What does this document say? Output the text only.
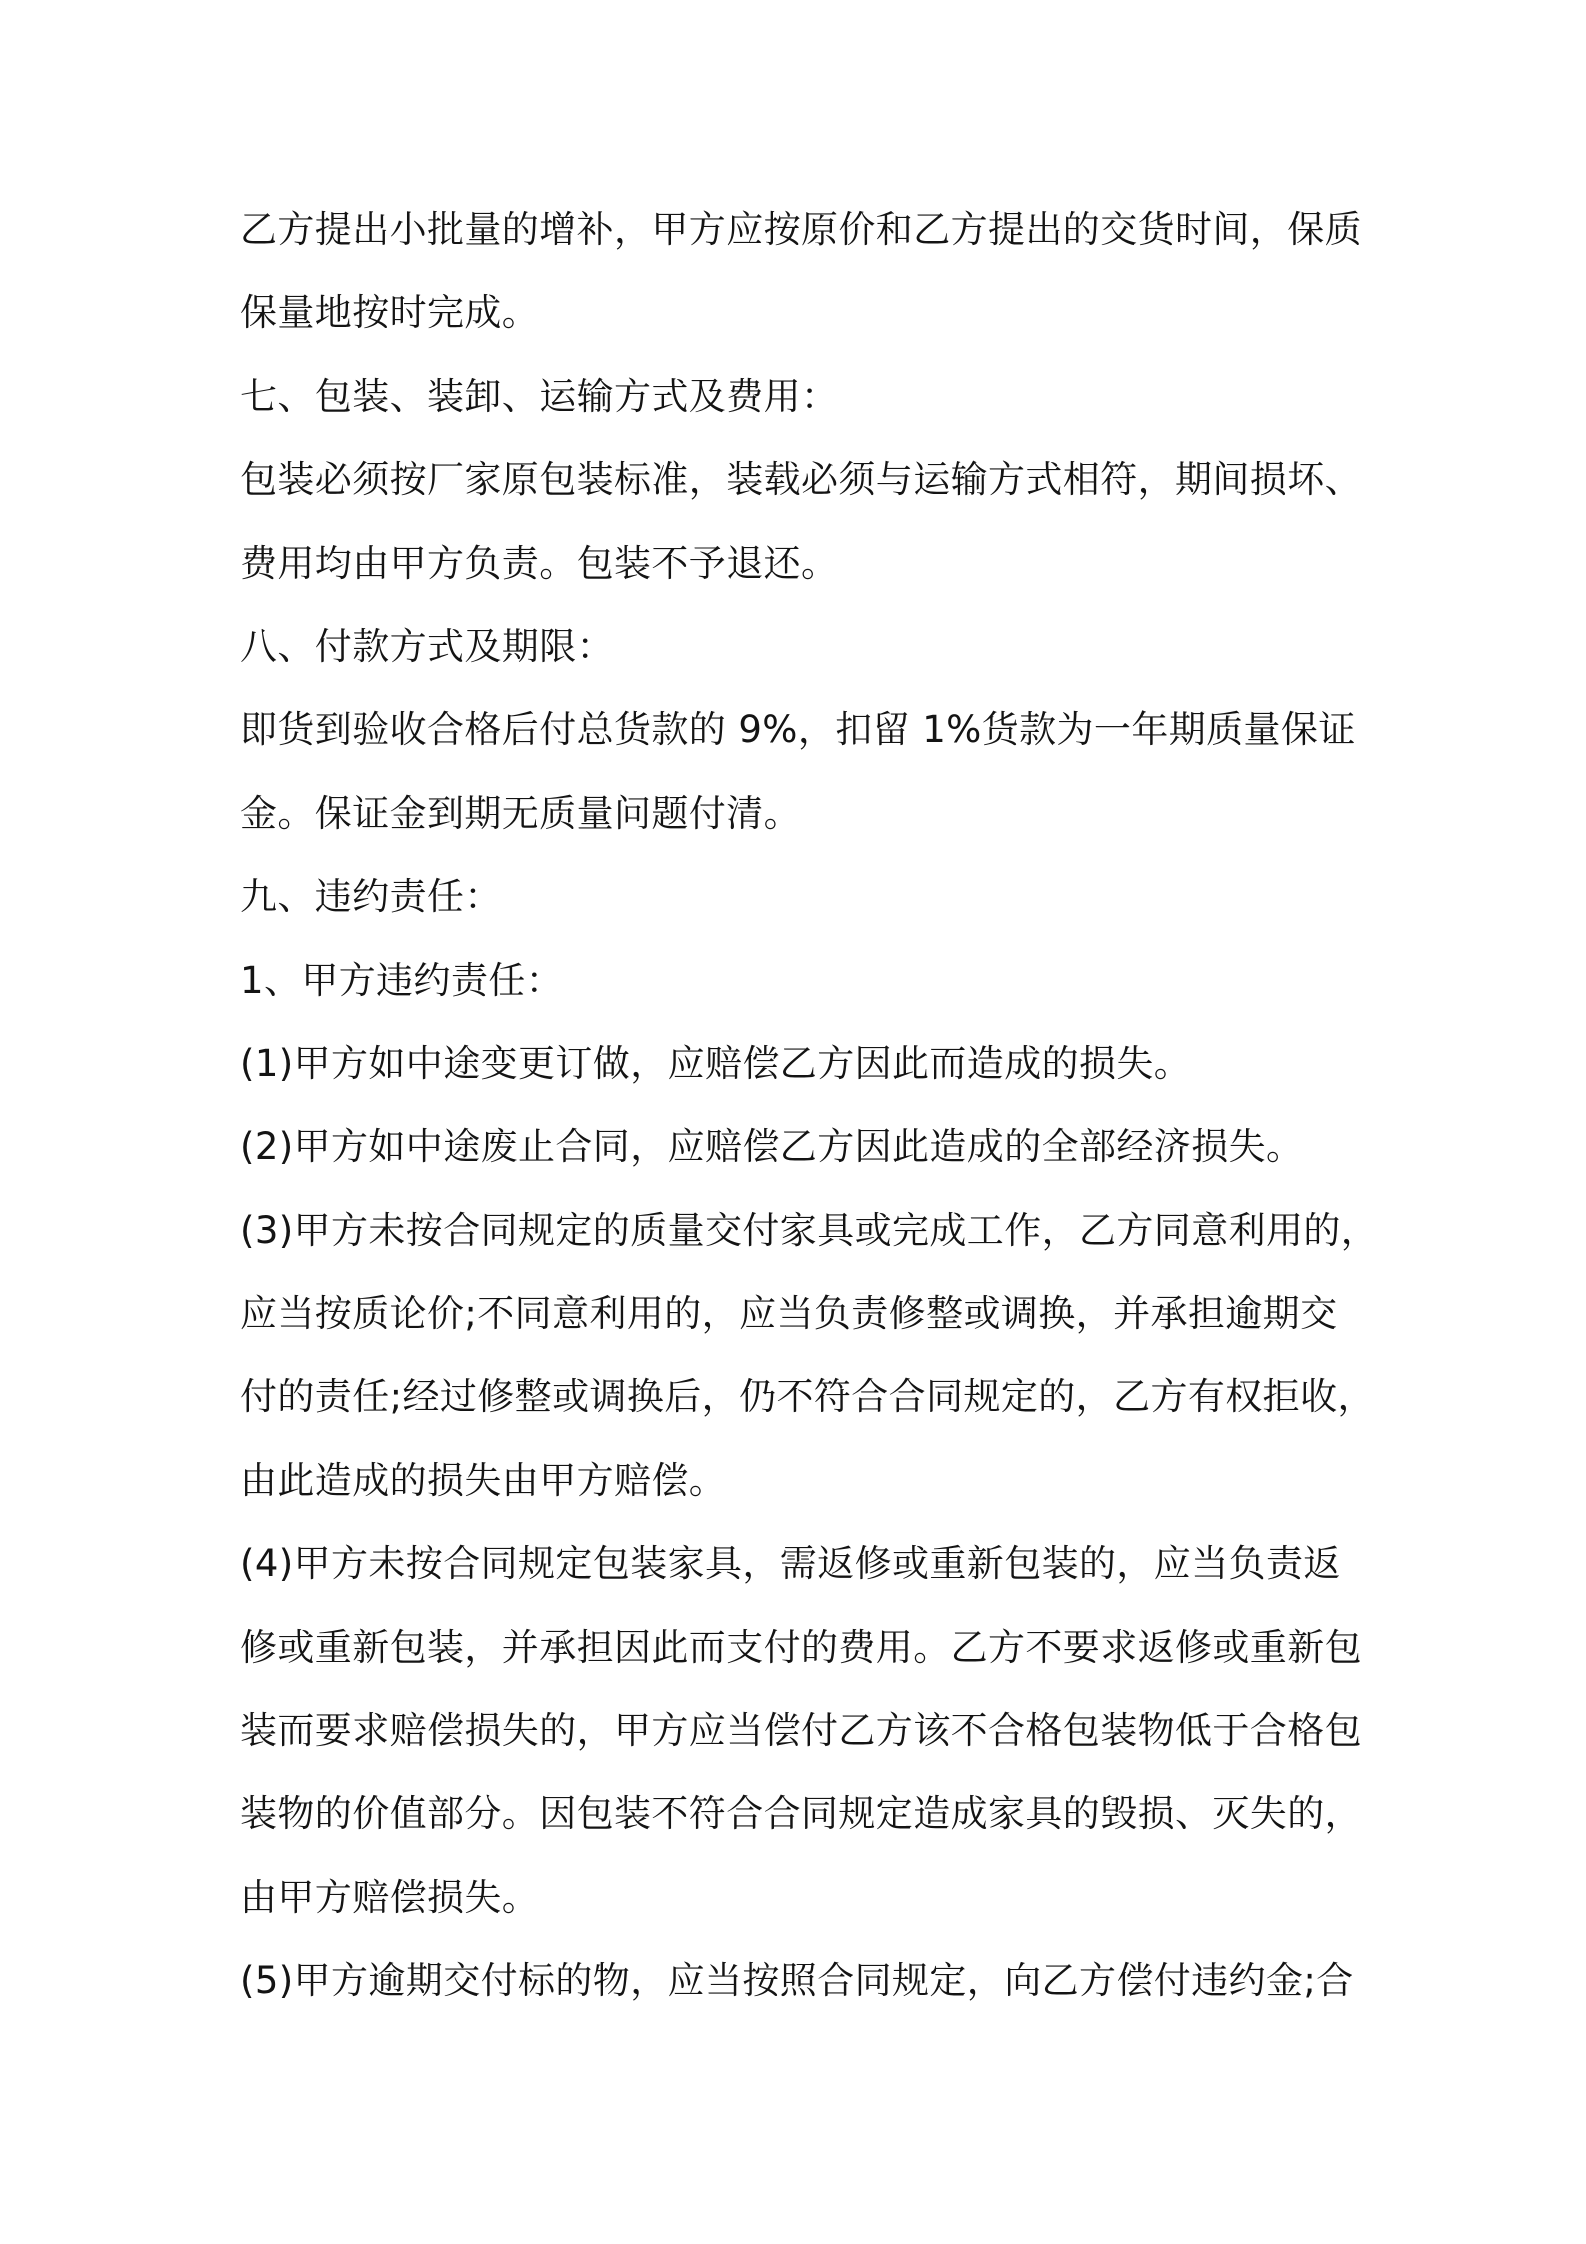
乙方提出小批量的增补，甲方应按原价和乙方提出的交货时间，保质
保量地按时完成。
七、包装、装卸、运输方式及费用：
包装必须按厂家原包装标准，装载必须与运输方式相符，期间损坏、
费用均由甲方负责。包装不予退还。
八、付款方式及期限：
即货到验收合格后付总货款的 9%，扣留 1%货款为一年期质量保证
金。保证金到期无质量问题付清。
九、违约责任：
1、甲方违约责任：
(1)甲方如中途变更订做，应赔偿乙方因此而造成的损失。
(2)甲方如中途废止合同，应赔偿乙方因此造成的全部经济损失。
(3)甲方未按合同规定的质量交付家具或完成工作，乙方同意利用的，
应当按质论价;不同意利用的，应当负责修整或调换，并承担逾期交
付的责任;经过修整或调换后，仍不符合合同规定的，乙方有权拒收，
由此造成的损失由甲方赔偿。
(4)甲方未按合同规定包装家具，需返修或重新包装的，应当负责返
修或重新包装，并承担因此而支付的费用。乙方不要求返修或重新包
装而要求赔偿损失的，甲方应当偿付乙方该不合格包装物低于合格包
装物的价值部分。因包装不符合合同规定造成家具的毁损、灭失的，
由甲方赔偿损失。
(5)甲方逾期交付标的物，应当按照合同规定，向乙方偿付违约金;合
